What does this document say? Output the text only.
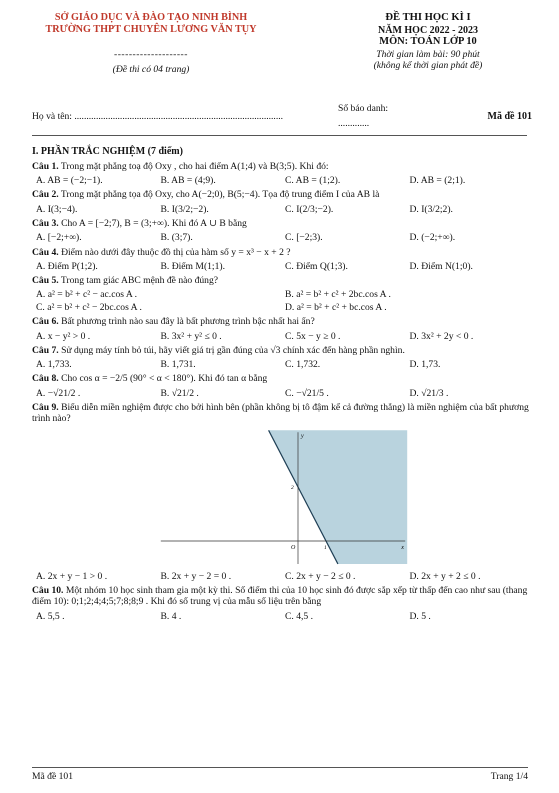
SỞ GIÁO DỤC VÀ ĐÀO TẠO NINH BÌNH
TRƯỜNG THPT CHUYÊN LƯƠNG VĂN TỤY
--------------------
(Đề thi có 04 trang)
ĐỀ THI HỌC KÌ I
NĂM HỌC 2022 - 2023
MÔN: TOÁN LỚP 10
Thời gian làm bài: 90 phút
(không kể thời gian phát đề)
Họ và tên: .......................................................................................
Số báo danh:
.............
Mã đề 101
I. PHẦN TRẮC NGHIỆM (7 điểm)
Câu 1. Trong mặt phẳng toạ độ Oxy , cho hai điểm A(1;4) và B(3;5). Khi đó:
A. AB = (−2;−1).	B. AB = (4;9).	C. AB = (1;2).	D. AB = (2;1).
Câu 2. Trong mặt phẳng tọa độ Oxy, cho A(−2;0), B(5;−4). Tọa độ trung điểm I của AB là
A. I(3;−4).	B. I(3/2;−2).	C. I(2/3;−2).	D. I(3/2;2).
Câu 3. Cho A = [−2;7), B = (3;+∞). Khi đó A ∪ B bằng
A. [−2;+∞).	B. (3;7).	C. [−2;3).	D. (−2;+∞).
Câu 4. Điểm nào dưới đây thuộc đồ thị của hàm số y = x³ − x + 2 ?
A. Điểm P(1;2).	B. Điểm M(1;1).	C. Điểm Q(1;3).	D. Điểm N(1;0).
Câu 5. Trong tam giác ABC mệnh đề nào đúng?
A. a² = b² + c² − ac.cos A .	B. a² = b² + c² + 2bc.cos A .
C. a² = b² + c² − 2bc.cos A .	D. a² = b² + c² + bc.cos A .
Câu 6. Bất phương trình nào sau đây là bất phương trình bậc nhất hai ẩn?
A. x − y² > 0 .	B. 3x² + y² ≤ 0 .	C. 5x − y ≥ 0 .	D. 3x² + 2y < 0 .
Câu 7. Sử dụng máy tính bỏ túi, hãy viết giá trị gần đúng của √3 chính xác đến hàng phần nghìn.
A. 1,733.	B. 1,731.	C. 1,732.	D. 1,73.
Câu 8. Cho cos α = −2/5 (90° < α < 180°). Khi đó tan α bằng
A. −√21/2 .	B. √21/2 .	C. −√21/5 .	D. √21/3 .
Câu 9. Biểu diễn miền nghiệm được cho bởi hình bên (phần không bị tô đậm kể cả đường thẳng) là miền nghiệm của bất phương trình nào?
y
x
O	1
2
A. 2x + y − 1 > 0 .	B. 2x + y − 2 = 0 .	C. 2x + y − 2 ≤ 0 .	D. 2x + y + 2 ≤ 0 .
Câu 10. Một nhóm 10 học sinh tham gia một kỳ thi. Số điểm thi của 10 học sinh đó được sắp xếp từ thấp đến cao như sau (thang điểm 10): 0;1;2;4;4;5;7;8;8;9 . Khi đó số trung vị của mẫu số liệu trên bằng
A. 5,5 .	B. 4 .	C. 4,5 .	D. 5 .
Mã đề 101	Trang 1/4
